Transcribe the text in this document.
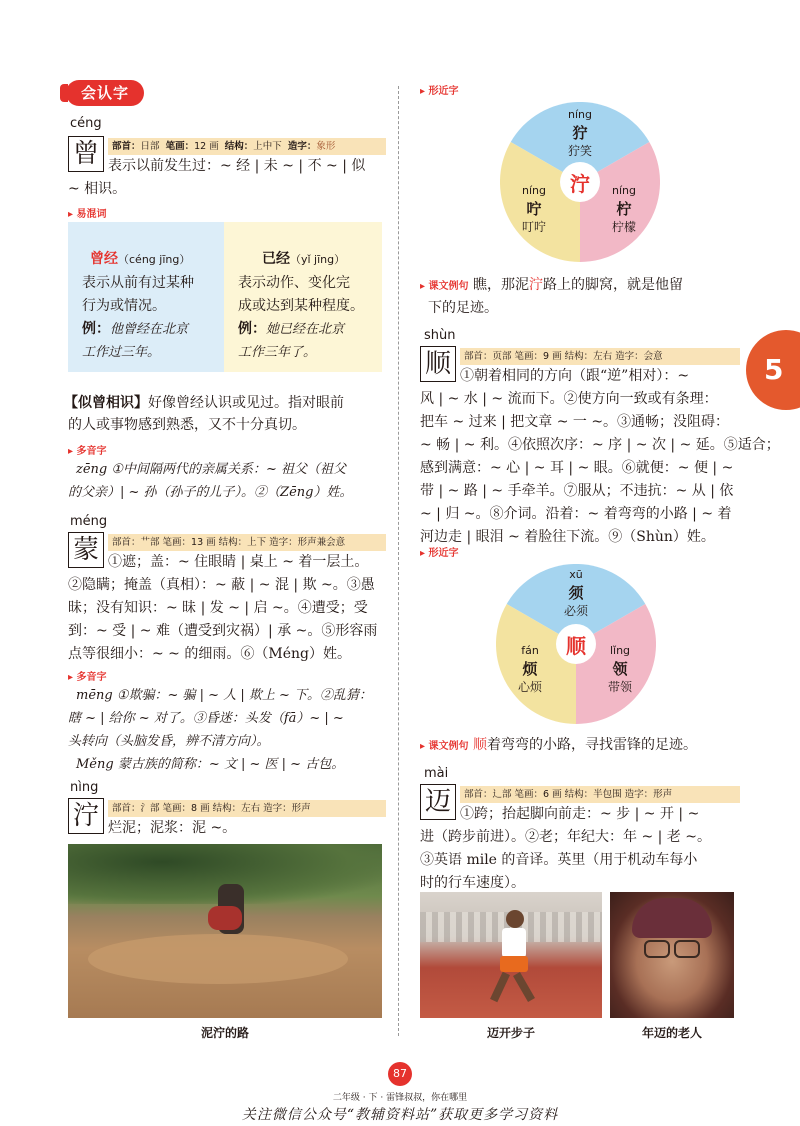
会认字
céng
曾	部首：日部 笔画：12 画 结构：上中下 造字：象形
表示以前发生过：~ 经 | 未 ~ | 不 ~ | 似
~ 相识。
▸ 易混词
曾经（céng jīng）
表示从前有过某种
行为或情况。
例：他曾经在北京
工作过三年。
已经（yǐ jīng）
表示动作、变化完
成或达到某种程度。
例：她已经在北京
工作三年了。
【似曾相识】好像曾经认识或见过。指对眼前
的人或事物感到熟悉，又不十分真切。
▸ 多音字
zēng ①中间隔两代的亲属关系：~ 祖父（祖父
的父亲）| ~ 孙（孙子的儿子）。②（Zēng）姓。
méng
蒙	部首：艹部 笔画：13 画 结构：上下 造字：形声兼会意
①遮；盖：~ 住眼睛 | 桌上 ~ 着一层土。
②隐瞒；掩盖（真相）：~ 蔽 | ~ 混 | 欺 ~。③愚
昧；没有知识：~ 昧 | 发 ~ | 启 ~。④遭受；受
到：~ 受 | ~ 难（遭受到灾祸）| 承 ~。⑤形容雨
点等很细小：~ ~ 的细雨。⑥（Méng）姓。
▸ 多音字
mēng ①欺骗：~ 骗 | ~ 人 | 欺上 ~ 下。②乱猜：
瞎 ~ | 给你 ~ 对了。③昏迷：头发（fā）~ | ~
头转向（头脑发昏，辨不清方向）。
Měng 蒙古族的简称：~ 文 | ~ 医 | ~ 古包。
nìng
泞	部首：氵部 笔画：8 画 结构：左右 造字：形声
烂泥；泥浆：泥 ~。
泥泞的路
▸ 形近字
泞
níng
狞
狞笑
níng
咛
叮咛
níng
柠
柠檬
▸ 课文例句 瞧，那泥泞路上的脚窝，就是他留
下的足迹。
shùn
顺	部首：页部 笔画：9 画 结构：左右 造字：会意
①朝着相同的方向（跟“逆”相对）：~
风 | ~ 水 | ~ 流而下。②使方向一致或有条理：
把车 ~ 过来 | 把文章 ~ 一 ~。③通畅；没阻碍：
~ 畅 | ~ 利。④依照次序：~ 序 | ~ 次 | ~ 延。⑤适合；
感到满意：~ 心 | ~ 耳 | ~ 眼。⑥就便：~ 便 | ~
带 | ~ 路 | ~ 手牵羊。⑦服从；不违抗：~ 从 | 依
~ | 归 ~。⑧介词。沿着：~ 着弯弯的小路 | ~ 着
河边走 | 眼泪 ~ 着脸往下流。⑨（Shùn）姓。
▸ 形近字
顺
xū
须
必须
fán
烦
心烦
lǐng
领
带领
▸ 课文例句 顺着弯弯的小路，寻找雷锋的足迹。
mài
迈	部首：辶部 笔画：6 画 结构：半包围 造字：形声
①跨；抬起脚向前走：~ 步 | ~ 开 | ~
进（跨步前进）。②老；年纪大：年 ~ | 老 ~。
③英语 mile 的音译。英里（用于机动车每小
时的行车速度）。
迈开步子	年迈的老人
5
87
二年级 · 下 · 雷锋叔叔，你在哪里
关注微信公众号“教辅资料站”获取更多学习资料
